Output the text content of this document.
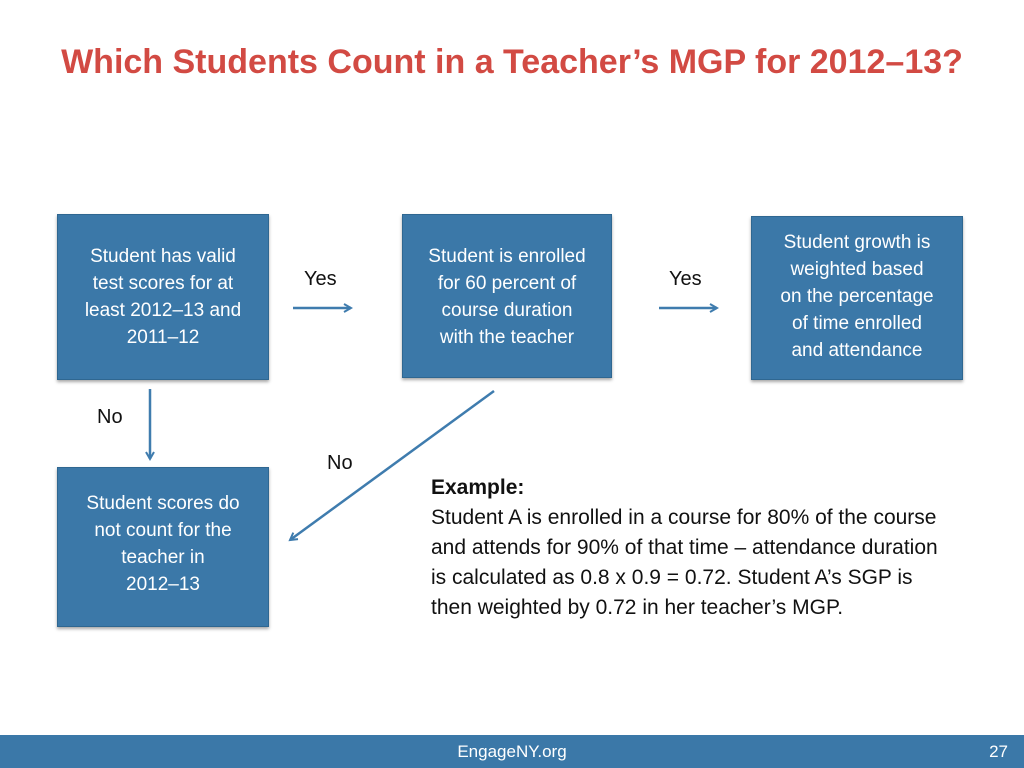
Which Students Count in a Teacher’s MGP for 2012–13?
Student has valid
test scores for at
least 2012–13 and
2011–12
Student is enrolled
for 60 percent of
course duration
with the teacher
Student growth is
weighted based
on the percentage
of time enrolled
and attendance
Student scores do
not count for the
teacher in
2012–13
Yes	Yes
No
No
Example:
Student A is enrolled in a course for 80% of the course and attends for 90% of that time – attendance duration is calculated as 0.8 x 0.9 = 0.72. Student A’s SGP is then weighted by 0.72 in her teacher’s MGP.
EngageNY.org	27
